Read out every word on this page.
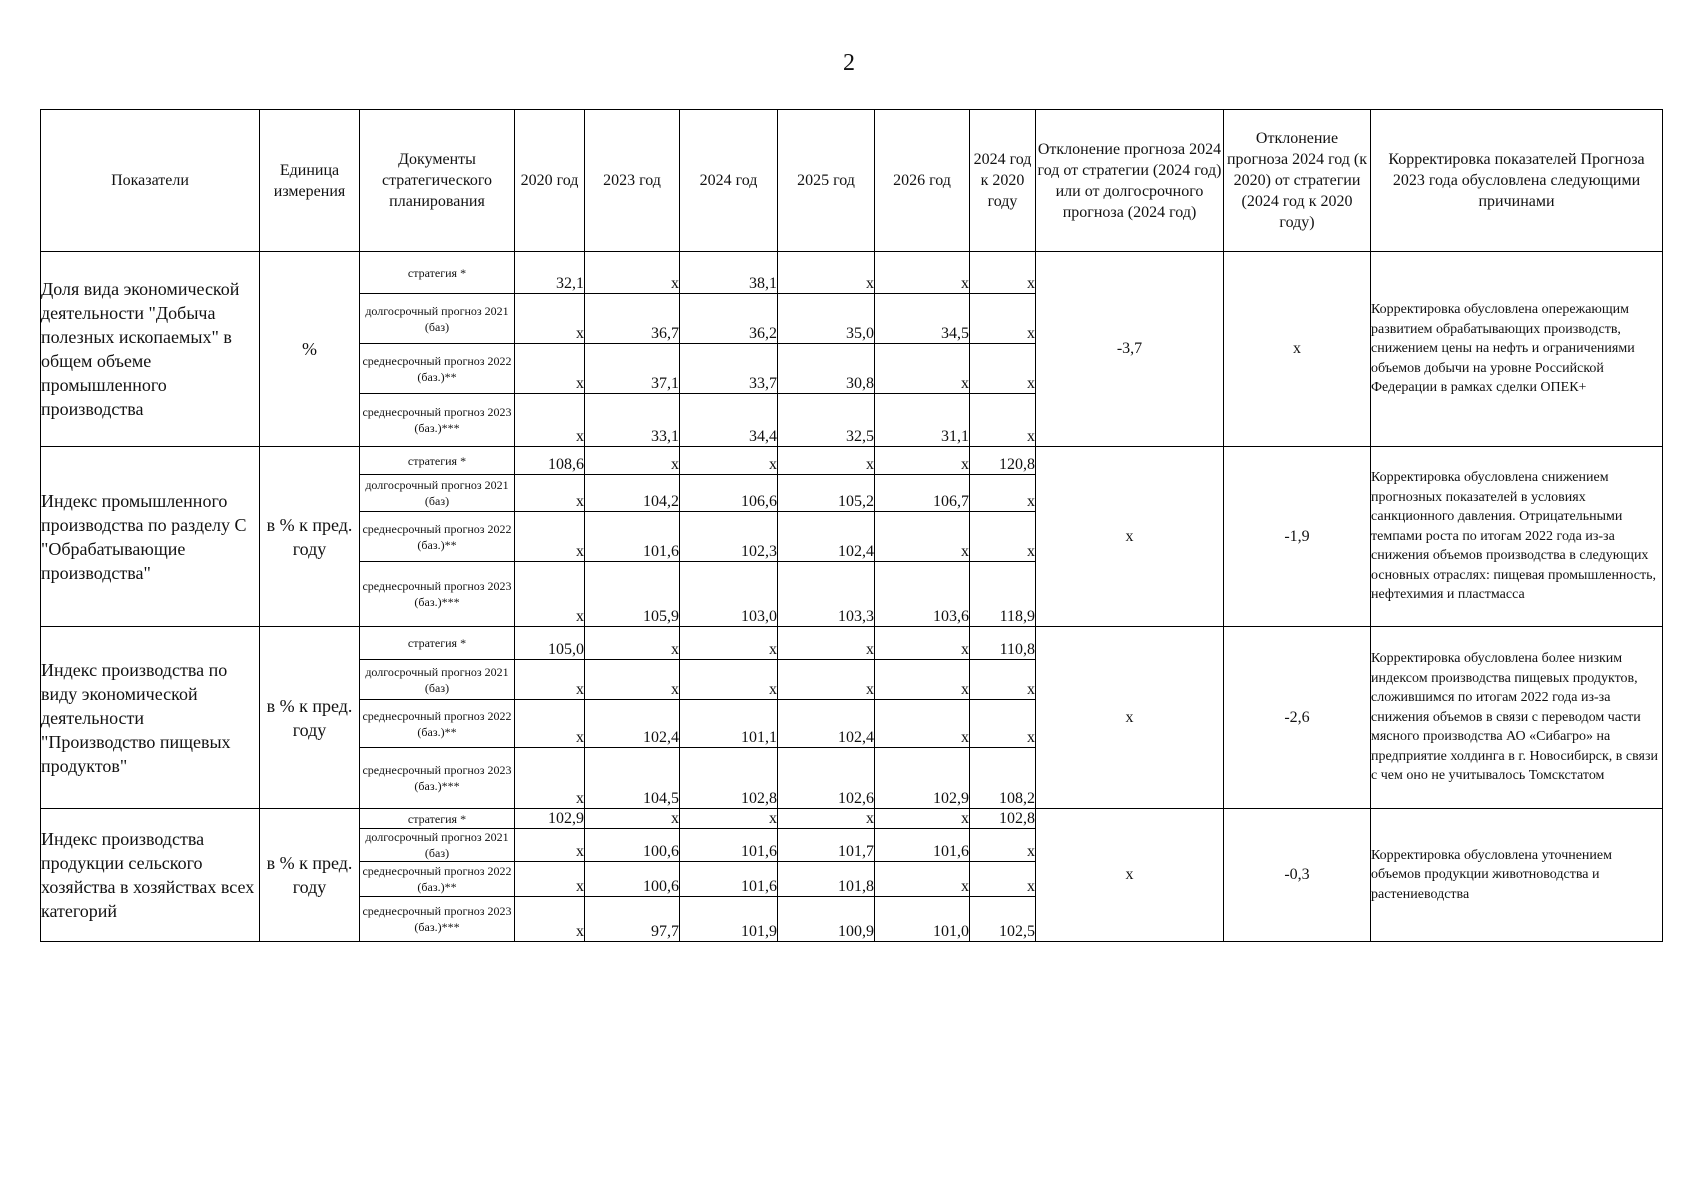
2
Показатели	Единица измерения	Документы стратегического планирования	2020 год	2023 год	2024 год	2025 год	2026 год	2024 год к 2020 году	Отклонение прогноза 2024 год от стратегии (2024 год) или от долгосрочного прогноза (2024 год)	Отклонение прогноза 2024 год (к 2020) от стратегии (2024 год к 2020 году)	Корректировка показателей Прогноза 2023 года обусловлена следующими причинами
Доля вида экономической деятельности "Добыча полезных ископаемых" в общем объеме промышленного производства	%	стратегия *	32,1	x	38,1	x	x	x	-3,7	x	Корректировка обусловлена опережающим развитием обрабатывающих производств, снижением цены на нефть и ограничениями объемов добычи на уровне Российской Федерации в рамках сделки ОПЕК+
		долгосрочный прогноз 2021 (баз)	x	36,7	36,2	35,0	34,5	x			
		среднесрочный прогноз 2022 (баз.)**	x	37,1	33,7	30,8	x	x			
		среднесрочный прогноз 2023 (баз.)***	x	33,1	34,4	32,5	31,1	x			
Индекс промышленного производства по разделу С "Обрабатывающие производства"	в % к пред. году	стратегия *	108,6	x	x	x	x	120,8	x	-1,9	Корректировка обусловлена снижением прогнозных показателей в условиях санкционного давления. Отрицательными темпами роста по итогам 2022 года из-за снижения объемов производства в следующих основных отраслях: пищевая промышленность, нефтехимия и пластмасса
		долгосрочный прогноз 2021 (баз)	x	104,2	106,6	105,2	106,7	x			
		среднесрочный прогноз 2022 (баз.)**	x	101,6	102,3	102,4	x	x			
		среднесрочный прогноз 2023 (баз.)***	x	105,9	103,0	103,3	103,6	118,9			
Индекс производства по виду экономической деятельности "Производство пищевых продуктов"	в % к пред. году	стратегия *	105,0	x	x	x	x	110,8	x	-2,6	Корректировка обусловлена более низким индексом производства пищевых продуктов, сложившимся по итогам 2022 года из-за снижения объемов в связи с переводом части мясного производства АО «Сибагро» на предприятие холдинга в г. Новосибирск, в связи с чем оно не учитывалось Томскстатом
		долгосрочный прогноз 2021 (баз)	x	x	x	x	x	x			
		среднесрочный прогноз 2022 (баз.)**	x	102,4	101,1	102,4	x	x			
		среднесрочный прогноз 2023 (баз.)***	x	104,5	102,8	102,6	102,9	108,2			
Индекс производства продукции сельского хозяйства в хозяйствах всех категорий	в % к пред. году	стратегия *	102,9	x	x	x	x	102,8	x	-0,3	Корректировка обусловлена уточнением объемов продукции животноводства и растениеводства
		долгосрочный прогноз 2021 (баз)	x	100,6	101,6	101,7	101,6	x			
		среднесрочный прогноз 2022 (баз.)**	x	100,6	101,6	101,8	x	x			
		среднесрочный прогноз 2023 (баз.)***	x	97,7	101,9	100,9	101,0	102,5			
